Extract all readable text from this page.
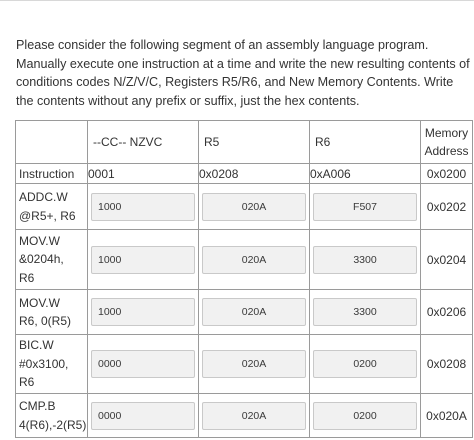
Please consider the following segment of an assembly language program. Manually execute one instruction at a time and write the new resulting contents of conditions codes N/Z/V/C, Registers R5/R6, and New Memory Contents. Write the contents without any prefix or suffix, just the hex contents.

	--CC-- NZVC	R5	R6	Memory
Address

Instruction	0001	0x0208	0xA006	0x0200

ADDC.W
@R5+, R6	1000	020A	F507	0x0202

MOV.W
&0204h,
R6	1000	020A	3300	0x0204

MOV.W
R6, 0(R5)	1000	020A	3300	0x0206

BIC.W
#0x3100,
R6	0000	020A	0200	0x0208

CMP.B
4(R6),-2(R5)	0000	020A	0200	0x020A
